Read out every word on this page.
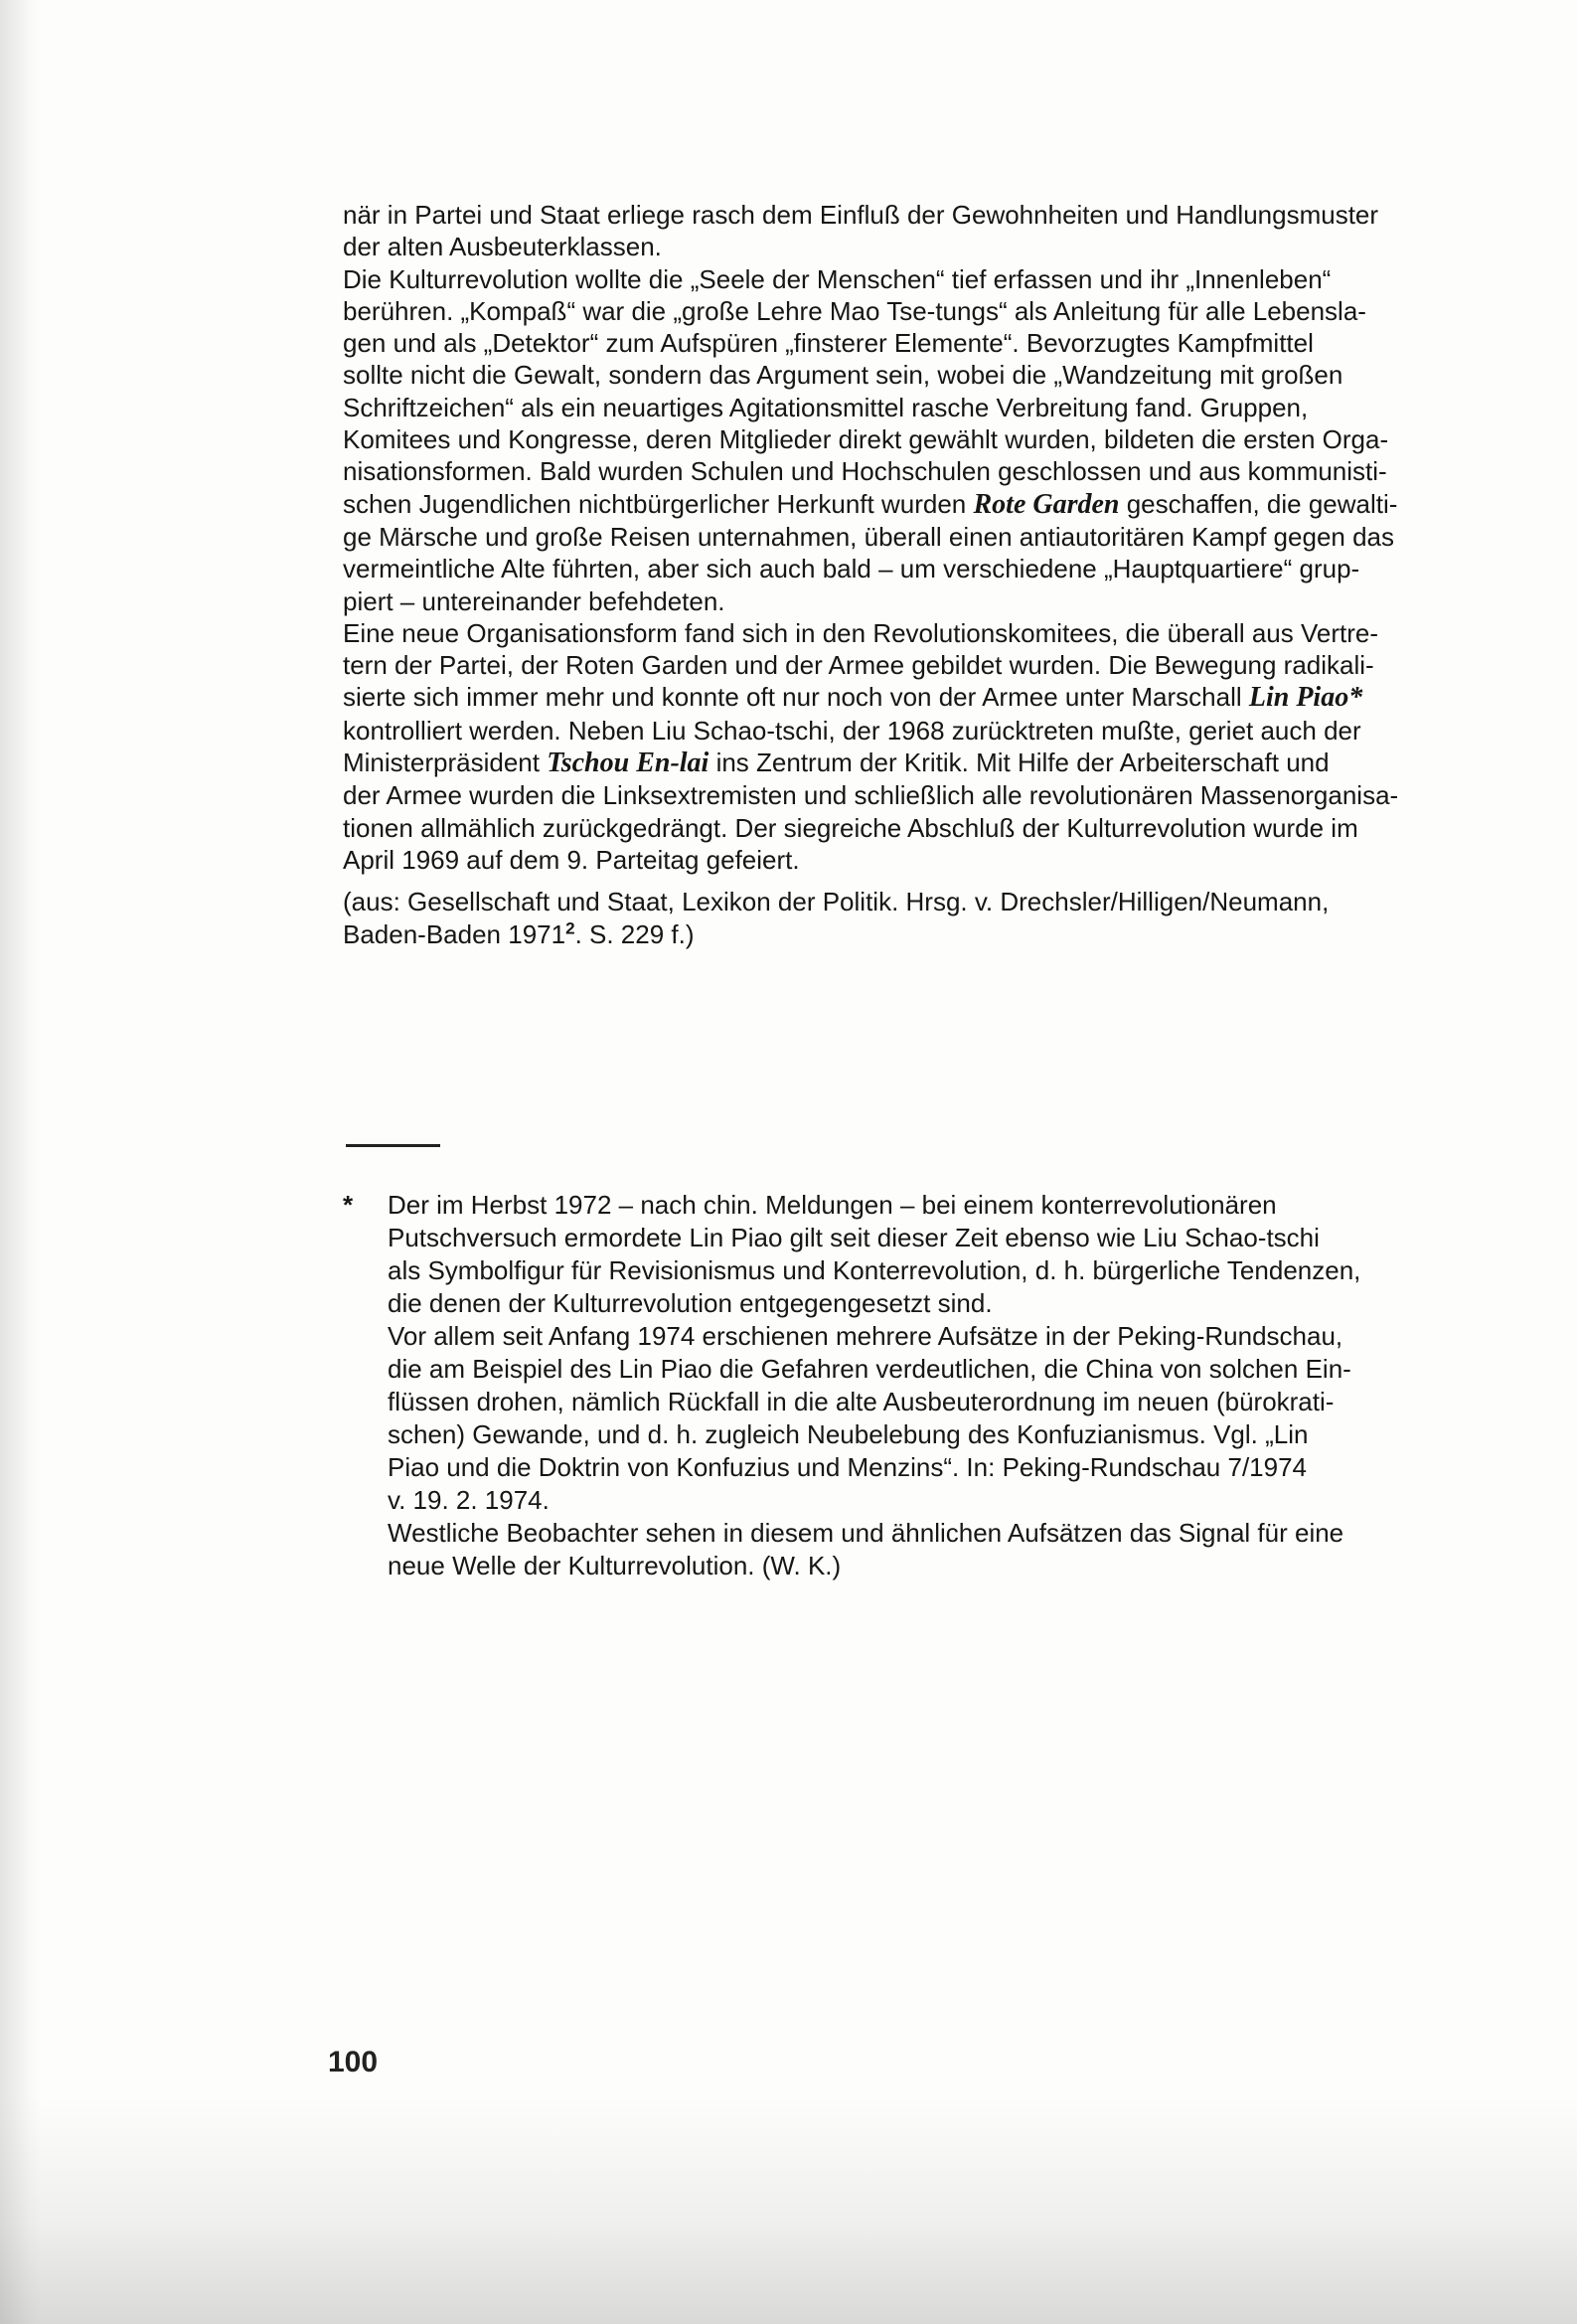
när in Partei und Staat erliege rasch dem Einfluß der Gewohnheiten und Handlungsmuster
der alten Ausbeuterklassen.
Die Kulturrevolution wollte die „Seele der Menschen“ tief erfassen und ihr „Innenleben“
berühren. „Kompaß“ war die „große Lehre Mao Tse-tungs“ als Anleitung für alle Lebensla-
gen und als „Detektor“ zum Aufspüren „finsterer Elemente“. Bevorzugtes Kampfmittel
sollte nicht die Gewalt, sondern das Argument sein, wobei die „Wandzeitung mit großen
Schriftzeichen“ als ein neuartiges Agitationsmittel rasche Verbreitung fand. Gruppen,
Komitees und Kongresse, deren Mitglieder direkt gewählt wurden, bildeten die ersten Orga-
nisationsformen. Bald wurden Schulen und Hochschulen geschlossen und aus kommunisti-
schen Jugendlichen nichtbürgerlicher Herkunft wurden Rote Garden geschaffen, die gewalti-
ge Märsche und große Reisen unternahmen, überall einen antiautoritären Kampf gegen das
vermeintliche Alte führten, aber sich auch bald – um verschiedene „Hauptquartiere“ grup-
piert – untereinander befehdeten.
Eine neue Organisationsform fand sich in den Revolutionskomitees, die überall aus Vertre-
tern der Partei, der Roten Garden und der Armee gebildet wurden. Die Bewegung radikali-
sierte sich immer mehr und konnte oft nur noch von der Armee unter Marschall Lin Piao*
kontrolliert werden. Neben Liu Schao-tschi, der 1968 zurücktreten mußte, geriet auch der
Ministerpräsident Tschou En-lai ins Zentrum der Kritik. Mit Hilfe der Arbeiterschaft und
der Armee wurden die Linksextremisten und schließlich alle revolutionären Massenorganisa-
tionen allmählich zurückgedrängt. Der siegreiche Abschluß der Kulturrevolution wurde im
April 1969 auf dem 9. Parteitag gefeiert.
(aus: Gesellschaft und Staat, Lexikon der Politik. Hrsg. v. Drechsler/Hilligen/Neumann,
Baden-Baden 1971$^2$. S. 229 f.)
* Der im Herbst 1972 – nach chin. Meldungen – bei einem konterrevolutionären
Putschversuch ermordete Lin Piao gilt seit dieser Zeit ebenso wie Liu Schao-tschi
als Symbolfigur für Revisionismus und Konterrevolution, d. h. bürgerliche Tendenzen,
die denen der Kulturrevolution entgegengesetzt sind.
Vor allem seit Anfang 1974 erschienen mehrere Aufsätze in der Peking-Rundschau,
die am Beispiel des Lin Piao die Gefahren verdeutlichen, die China von solchen Ein-
flüssen drohen, nämlich Rückfall in die alte Ausbeuterordnung im neuen (bürokrati-
schen) Gewande, und d. h. zugleich Neubelebung des Konfuzianismus. Vgl. „Lin
Piao und die Doktrin von Konfuzius und Menzins“. In: Peking-Rundschau 7/1974
v. 19. 2. 1974.
Westliche Beobachter sehen in diesem und ähnlichen Aufsätzen das Signal für eine
neue Welle der Kulturrevolution. (W. K.)
100
